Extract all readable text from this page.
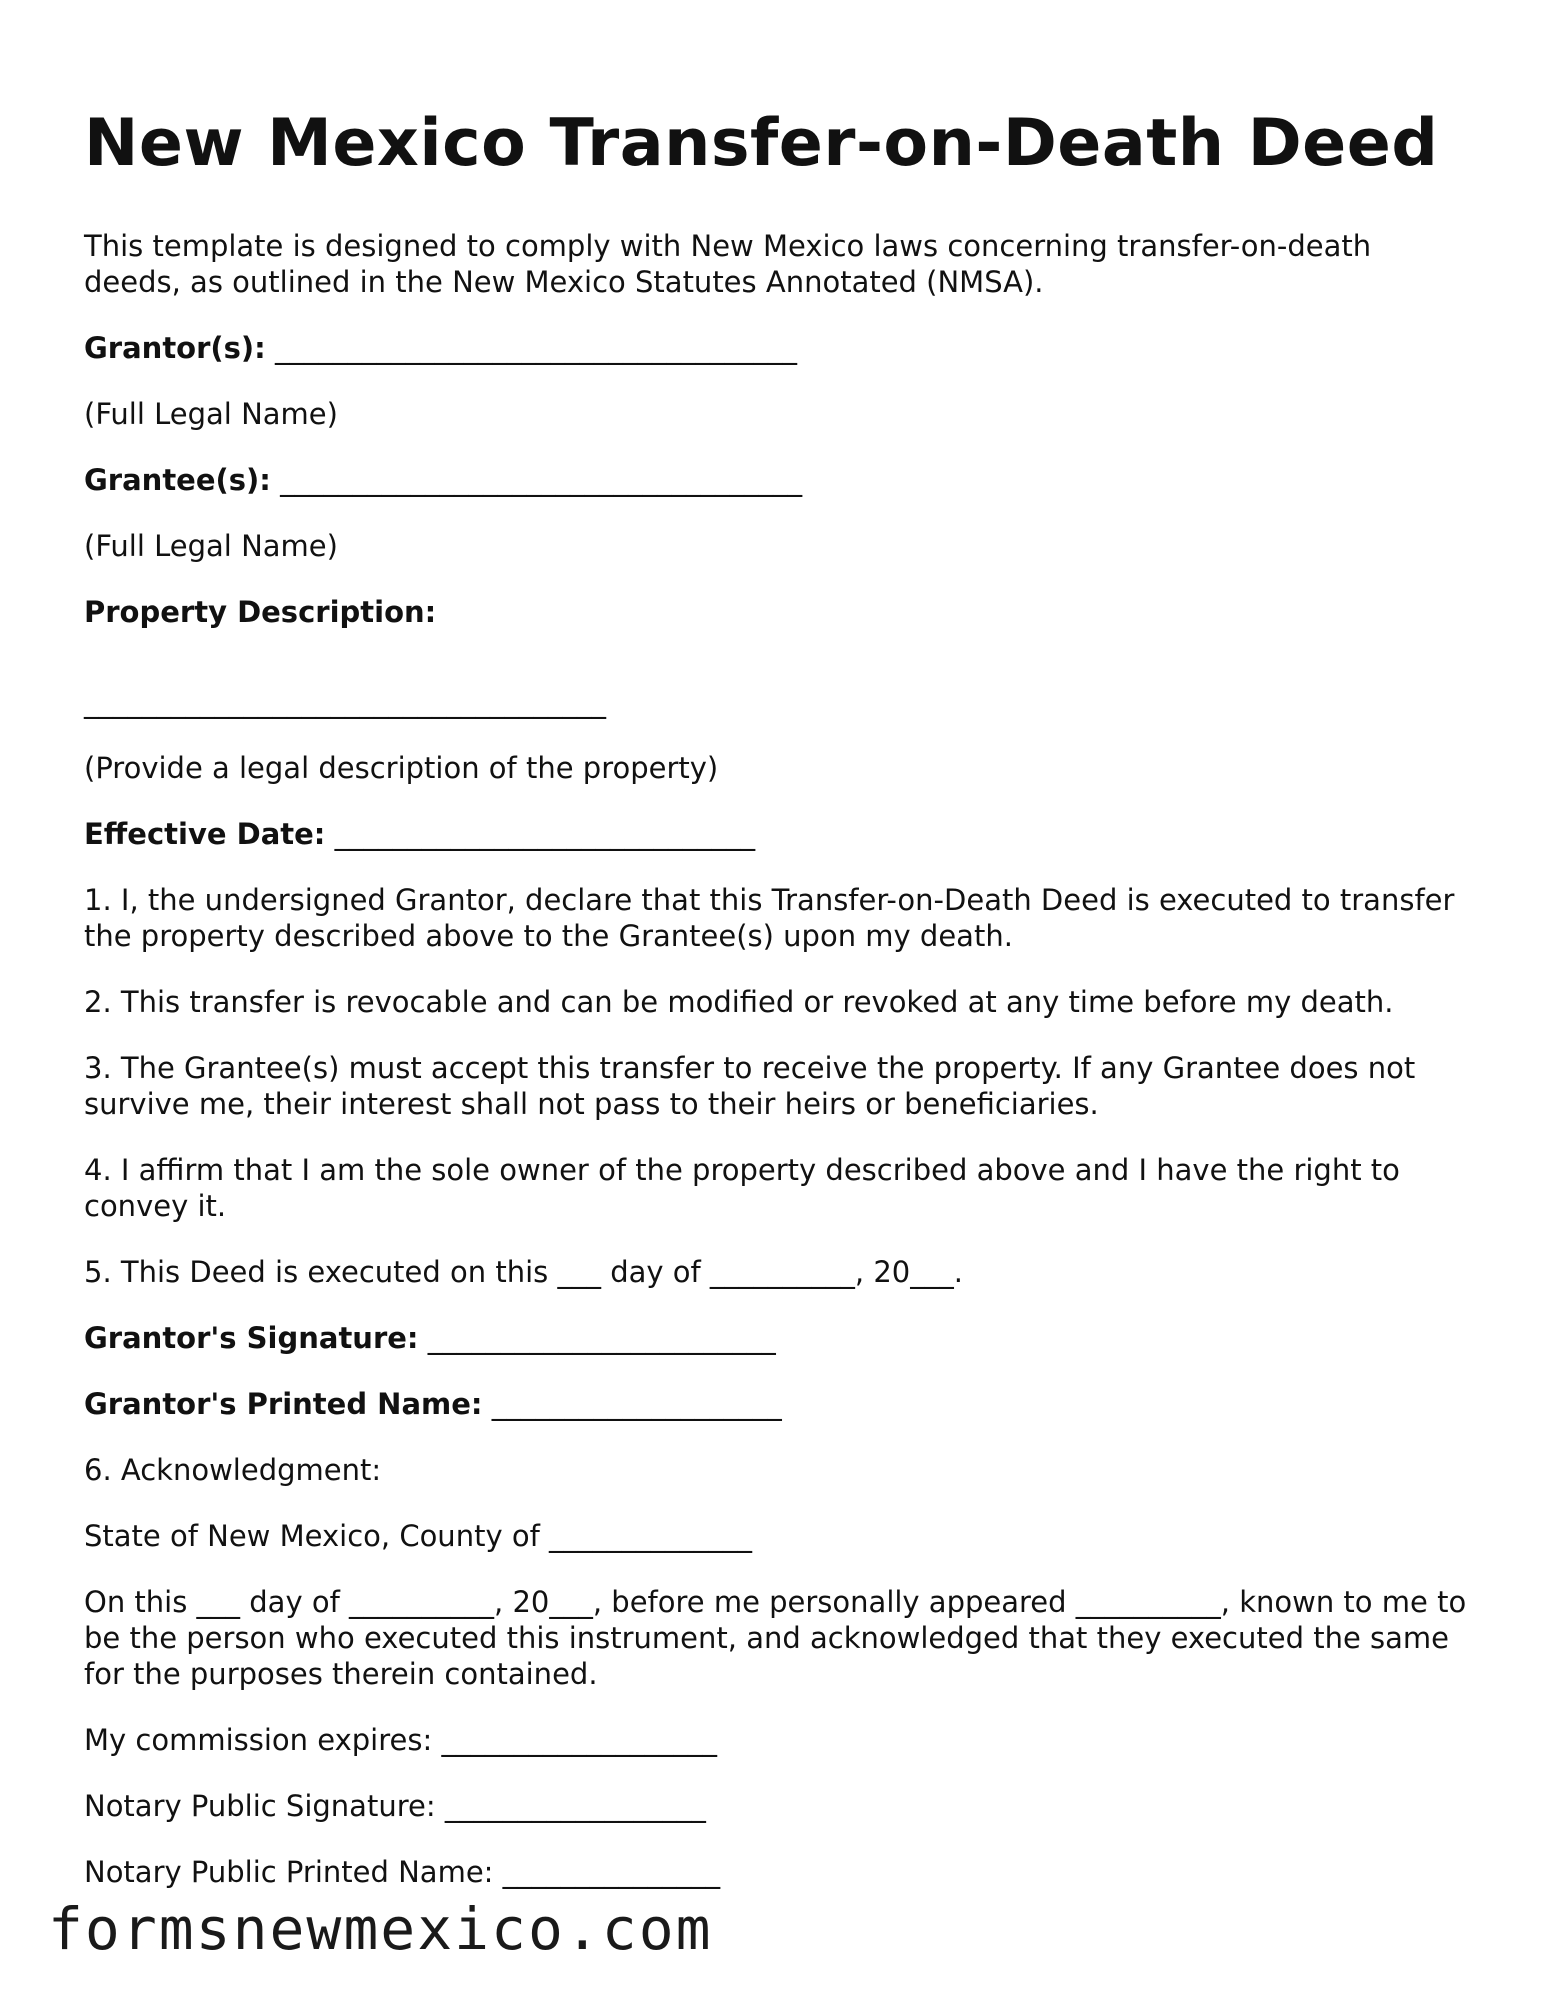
New Mexico Transfer-on-Death Deed

This template is designed to comply with New Mexico laws concerning transfer-on-death deeds, as outlined in the New Mexico Statutes Annotated (NMSA).

Grantor(s): ____________________________________

(Full Legal Name)

Grantee(s): ____________________________________

(Full Legal Name)

Property Description:

____________________________________

(Provide a legal description of the property)

Effective Date: _____________________________

1. I, the undersigned Grantor, declare that this Transfer-on-Death Deed is executed to transfer the property described above to the Grantee(s) upon my death.

2. This transfer is revocable and can be modified or revoked at any time before my death.

3. The Grantee(s) must accept this transfer to receive the property. If any Grantee does not survive me, their interest shall not pass to their heirs or beneficiaries.

4. I affirm that I am the sole owner of the property described above and I have the right to convey it.

5. This Deed is executed on this ___ day of __________, 20___.

Grantor's Signature: ________________________

Grantor's Printed Name: ____________________

6. Acknowledgment:

State of New Mexico, County of ______________

On this ___ day of __________, 20___, before me personally appeared __________, known to me to be the person who executed this instrument, and acknowledged that they executed the same for the purposes therein contained.

My commission expires: ___________________

Notary Public Signature: __________________

Notary Public Printed Name: _______________

formsnewmexico.com
